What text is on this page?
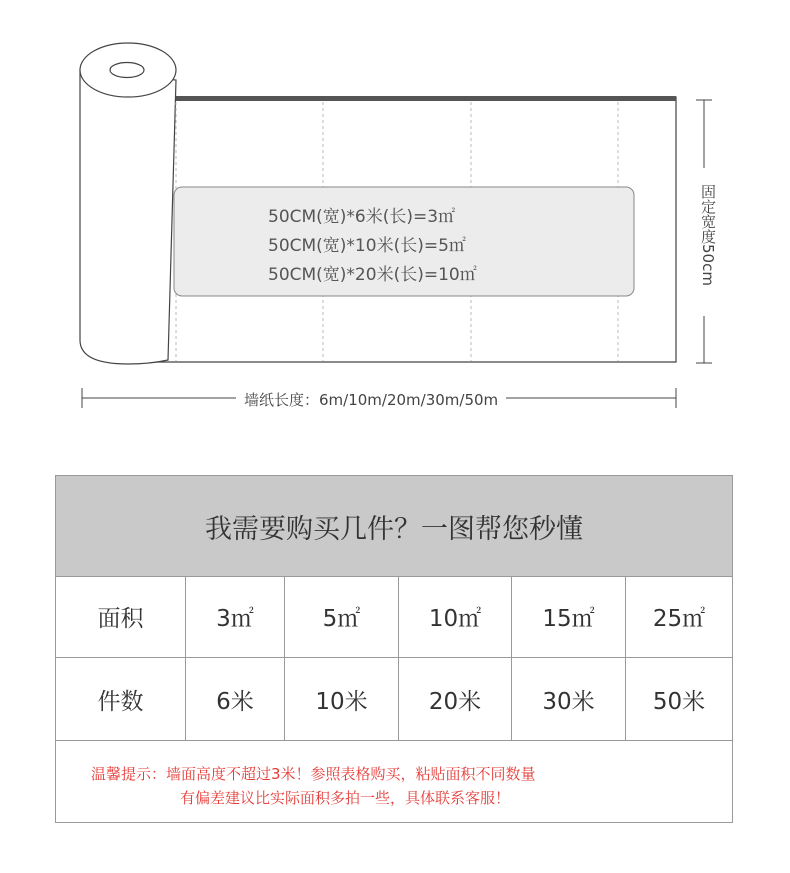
50CM(宽)*6米(长)=3㎡
50CM(宽)*10米(长)=5㎡
50CM(宽)*20米(长)=10㎡	固定宽度50cm
墙纸长度：6m/10m/20m/30m/50m
我需要购买几件？一图帮您秒懂
面积	3㎡	5㎡	10㎡	15㎡	25㎡
件数	6米	10米	20米	30米	50米
温馨提示：墙面高度不超过3米！参照表格购买，粘贴面积不同数量
有偏差建议比实际面积多拍一些，具体联系客服！
